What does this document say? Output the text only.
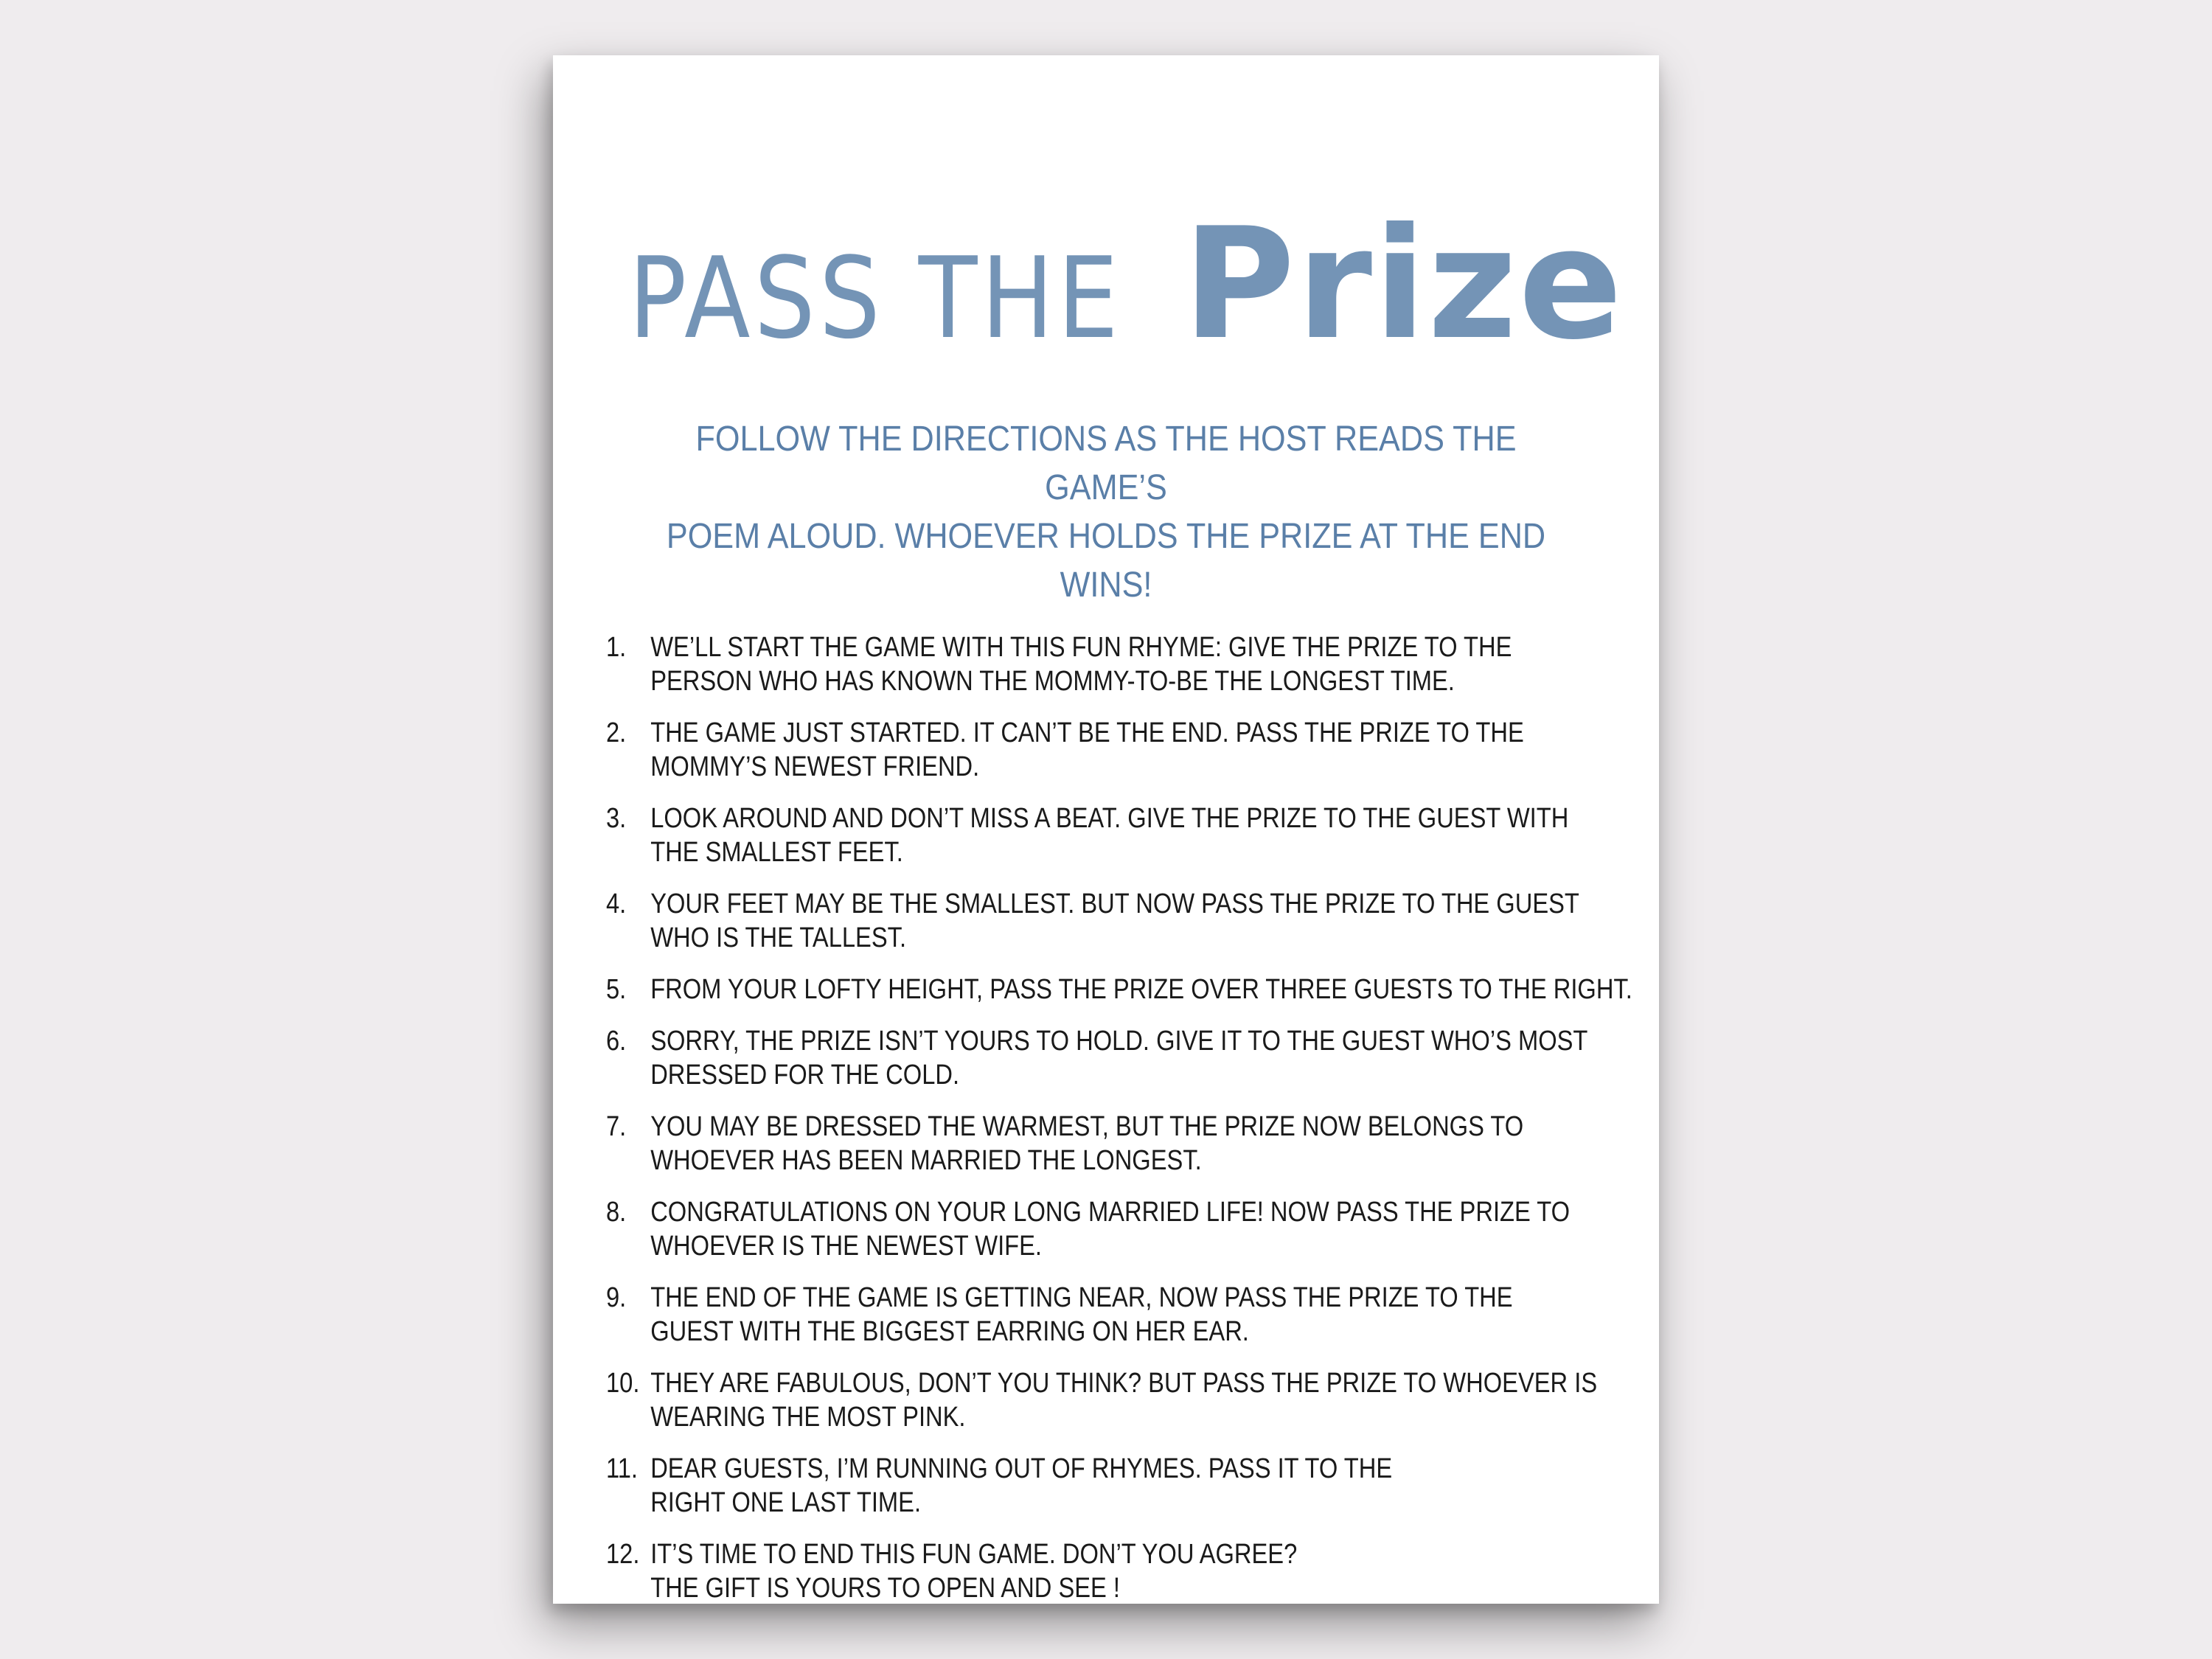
PASS THE Prize
FOLLOW THE DIRECTIONS AS THE HOST READS THE GAME’S
POEM ALOUD. WHOEVER HOLDS THE PRIZE AT THE END WINS!
1. WE’LL START THE GAME WITH THIS FUN RHYME: GIVE THE PRIZE TO THE
PERSON WHO HAS KNOWN THE MOMMY-TO-BE THE LONGEST TIME.
2. THE GAME JUST STARTED. IT CAN’T BE THE END. PASS THE PRIZE TO THE
MOMMY’S NEWEST FRIEND.
3. LOOK AROUND AND DON’T MISS A BEAT. GIVE THE PRIZE TO THE GUEST WITH
THE SMALLEST FEET.
4. YOUR FEET MAY BE THE SMALLEST. BUT NOW PASS THE PRIZE TO THE GUEST
WHO IS THE TALLEST.
5. FROM YOUR LOFTY HEIGHT, PASS THE PRIZE OVER THREE GUESTS TO THE RIGHT.
6. SORRY, THE PRIZE ISN’T YOURS TO HOLD. GIVE IT TO THE GUEST WHO’S MOST
DRESSED FOR THE COLD.
7. YOU MAY BE DRESSED THE WARMEST, BUT THE PRIZE NOW BELONGS TO
WHOEVER HAS BEEN MARRIED THE LONGEST.
8. CONGRATULATIONS ON YOUR LONG MARRIED LIFE! NOW PASS THE PRIZE TO
WHOEVER IS THE NEWEST WIFE.
9. THE END OF THE GAME IS GETTING NEAR, NOW PASS THE PRIZE TO THE
GUEST WITH THE BIGGEST EARRING ON HER EAR.
10. THEY ARE FABULOUS, DON’T YOU THINK? BUT PASS THE PRIZE TO WHOEVER IS
WEARING THE MOST PINK.
11. DEAR GUESTS, I’M RUNNING OUT OF RHYMES. PASS IT TO THE
RIGHT ONE LAST TIME.
12. IT’S TIME TO END THIS FUN GAME. DON’T YOU AGREE?
THE GIFT IS YOURS TO OPEN AND SEE !
